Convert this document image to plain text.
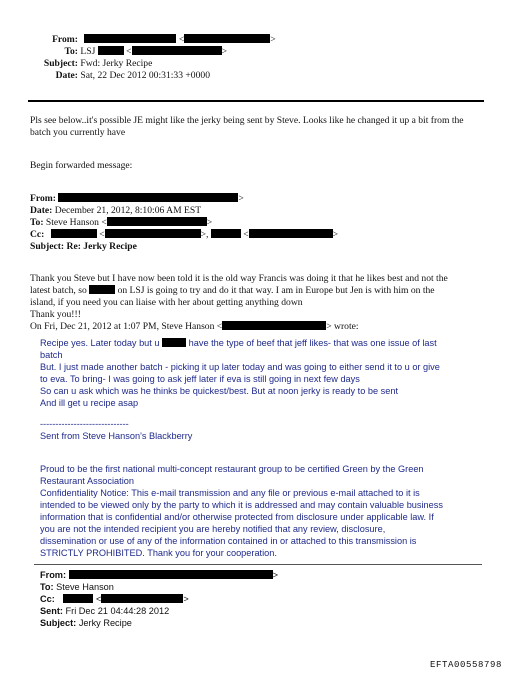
From:	<	>
To: LSJ	<	>
Subject: Fwd: Jerky Recipe
Date: Sat, 22 Dec 2012 00:31:33 +0000
Pls see below..it's possible JE might like the jerky being sent by Steve. Looks like he changed it up a bit from the
batch you currently have
Begin forwarded message:
From:	>
Date: December 21, 2012, 8:10:06 AM EST
To: Steve Hanson <	>
Cc:	<	>,	<	>
Subject: Re: Jerky Recipe
Thank you Steve but I have now been told it is the old way Francis was doing it that he likes best and not the
latest batch, so	on LSJ is going to try and do it that way. I am in Europe but Jen is with him on the
island, if you need you can liaise with her about getting anything down
Thank you!!!
On Fri, Dec 21, 2012 at 1:07 PM, Steve Hanson <	> wrote:
Recipe yes. Later today but u	have the type of beef that jeff likes- that was one issue of last
batch
But. I just made another batch - picking it up later today and was going to either send it to u or give
to eva. To bring- I was going to ask jeff later if eva is still going in next few days
So can u ask which was he thinks be quickest/best. But at noon jerky is ready to be sent
And ill get u recipe asap
-----------------------------
Sent from Steve Hanson's Blackberry
Proud to be the first national multi-concept restaurant group to be certified Green by the Green
Restaurant Association
Confidentiality Notice: This e-mail transmission and any file or previous e-mail attached to it is
intended to be viewed only by the party to which it is addressed and may contain valuable business
information that is confidential and/or otherwise protected from disclosure under applicable law. If
you are not the intended recipient you are hereby notified that any review, disclosure,
dissemination or use of any of the information contained in or attached to this transmission is
STRICTLY PROHIBITED. Thank you for your cooperation.
From:	>
To: Steve Hanson
Cc:	<	>
Sent: Fri Dec 21 04:44:28 2012
Subject: Jerky Recipe
EFTA00558798
